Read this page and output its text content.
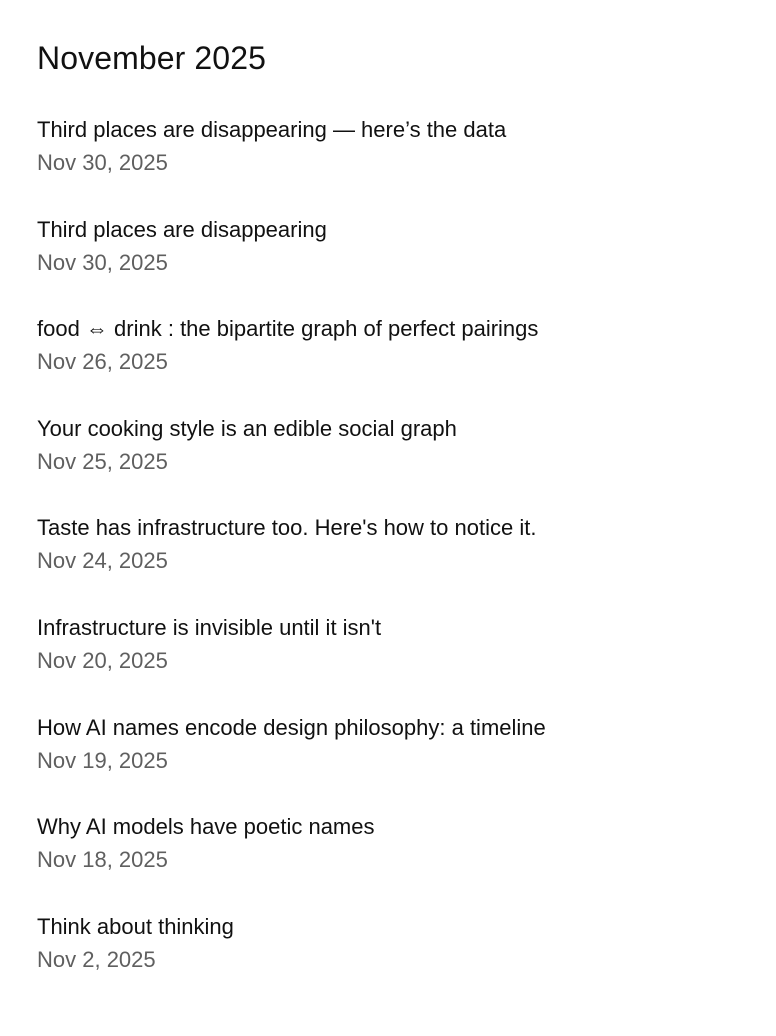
November 2025
Third places are disappearing — here’s the data
Nov 30, 2025
Third places are disappearing
Nov 30, 2025
food ⇔ drink : the bipartite graph of perfect pairings
Nov 26, 2025
Your cooking style is an edible social graph
Nov 25, 2025
Taste has infrastructure too. Here's how to notice it.
Nov 24, 2025
Infrastructure is invisible until it isn't
Nov 20, 2025
How AI names encode design philosophy: a timeline
Nov 19, 2025
Why AI models have poetic names
Nov 18, 2025
Think about thinking
Nov 2, 2025
